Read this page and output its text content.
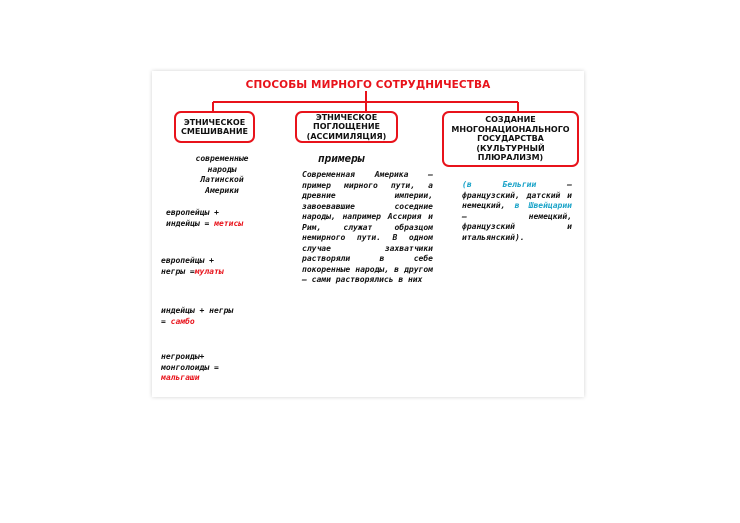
СПОСОБЫ МИРНОГО СОТРУДНИЧЕСТВА
ЭТНИЧЕСКОЕ
СМЕШИВАНИЕ
ЭТНИЧЕСКОЕ
ПОГЛОЩЕНИЕ
(АССИМИЛЯЦИЯ)
СОЗДАНИЕ
МНОГОНАЦИОНАЛЬНОГО
ГОСУДАРСТВА
(КУЛЬТУРНЫЙ
ПЛЮРАЛИЗМ)
современные
народы
Латинской
Америки
европейцы +
индейцы = метисы
европейцы +
негры =мулаты
индейцы + негры
= самбо
негроиды+
монголоиды =
мальгаши
примеры
Современная Америка — пример мирного пути, а древние империи, завоевавшие соседние народы, например Ассирия и Рим, служат образцом немирного пути. В одном случае захватчики растворяли в себе покоренные народы, в другом — сами растворялись в них
(в Бельгии – французский, датский и немецкий, в Швейцарии –	немецкий, французский и итальянский).
